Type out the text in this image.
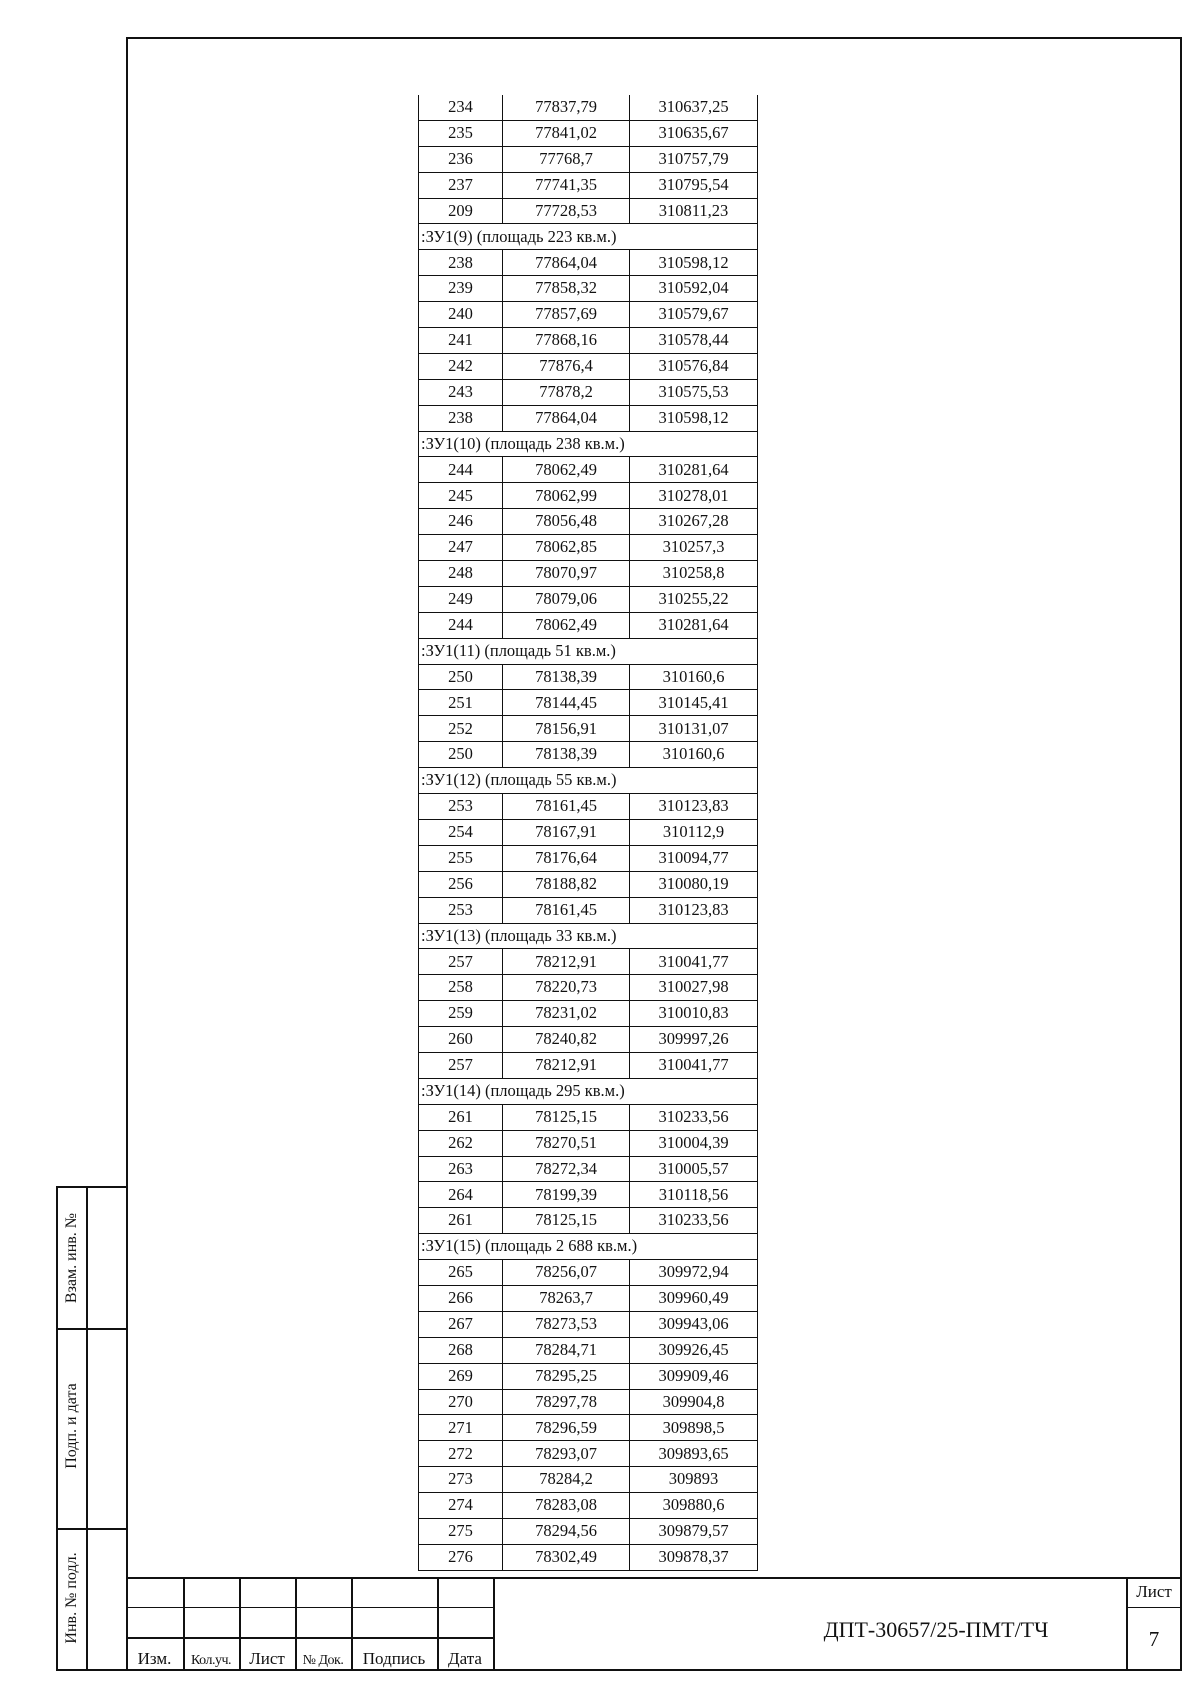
234	77837,79	310637,25
235	77841,02	310635,67
236	77768,7	310757,79
237	77741,35	310795,54
209	77728,53	310811,23
:ЗУ1(9) (площадь 223 кв.м.)		
238	77864,04	310598,12
239	77858,32	310592,04
240	77857,69	310579,67
241	77868,16	310578,44
242	77876,4	310576,84
243	77878,2	310575,53
238	77864,04	310598,12
:ЗУ1(10) (площадь 238 кв.м.)		
244	78062,49	310281,64
245	78062,99	310278,01
246	78056,48	310267,28
247	78062,85	310257,3
248	78070,97	310258,8
249	78079,06	310255,22
244	78062,49	310281,64
:ЗУ1(11) (площадь 51 кв.м.)		
250	78138,39	310160,6
251	78144,45	310145,41
252	78156,91	310131,07
250	78138,39	310160,6
:ЗУ1(12) (площадь 55 кв.м.)		
253	78161,45	310123,83
254	78167,91	310112,9
255	78176,64	310094,77
256	78188,82	310080,19
253	78161,45	310123,83
:ЗУ1(13) (площадь 33 кв.м.)		
257	78212,91	310041,77
258	78220,73	310027,98
259	78231,02	310010,83
260	78240,82	309997,26
257	78212,91	310041,77
:ЗУ1(14) (площадь 295 кв.м.)		
261	78125,15	310233,56
262	78270,51	310004,39
263	78272,34	310005,57
264	78199,39	310118,56
261	78125,15	310233,56
:ЗУ1(15) (площадь 2 688 кв.м.)		
265	78256,07	309972,94
266	78263,7	309960,49
267	78273,53	309943,06
268	78284,71	309926,45
269	78295,25	309909,46
270	78297,78	309904,8
271	78296,59	309898,5
272	78293,07	309893,65
273	78284,2	309893
274	78283,08	309880,6
275	78294,56	309879,57
276	78302,49	309878,37
Взам. инв. №
Подп. и дата
Инв. № подл.
Изм.	Кол.уч.	Лист	№ Док.	Подпись	Дата
ДПТ-30657/25-ПМТ/ТЧ
Лист
7
